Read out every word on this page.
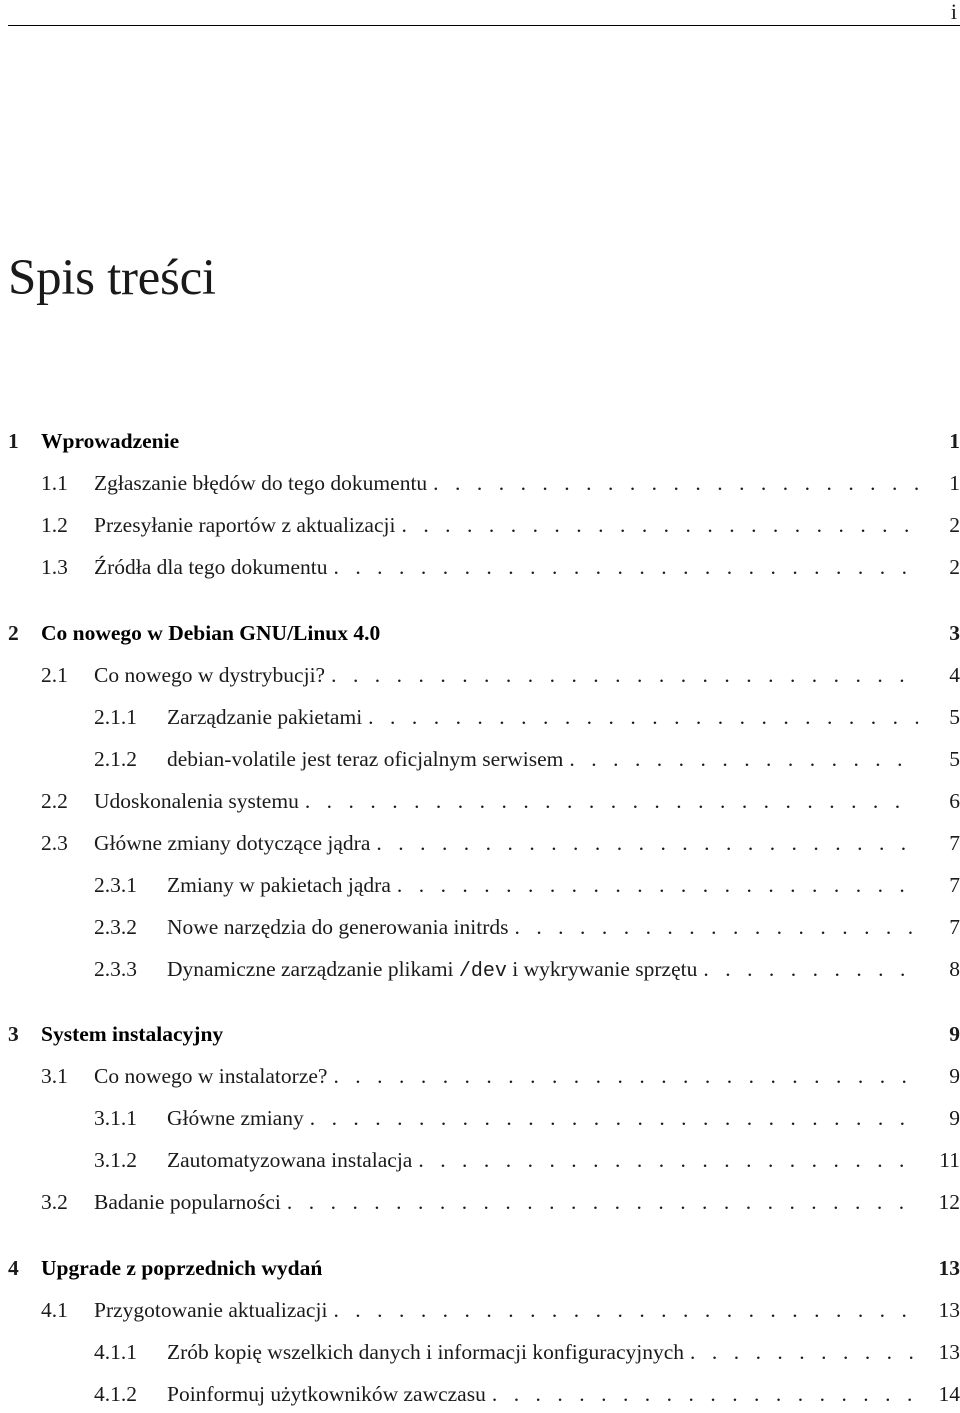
i
Spis treści
1 Wprowadzenie	1
1.1 Zgłaszanie błędów do tego dokumentu . . .	1
1.2 Przesyłanie raportów z aktualizacji . . .	2
1.3 Źródła dla tego dokumentu . . .	2
2 Co nowego w Debian GNU/Linux 4.0	3
2.1 Co nowego w dystrybucji? . . .	4
2.1.1 Zarządzanie pakietami . . .	5
2.1.2 debian-volatile jest teraz oficjalnym serwisem . . .	5
2.2 Udoskonalenia systemu . . .	6
2.3 Główne zmiany dotyczące jądra . . .	7
2.3.1 Zmiany w pakietach jądra . . .	7
2.3.2 Nowe narzędzia do generowania initrds . . .	7
2.3.3 Dynamiczne zarządzanie plikami /dev i wykrywanie sprzętu . . .	8
3 System instalacyjny	9
3.1 Co nowego w instalatorze? . . .	9
3.1.1 Główne zmiany . . .	9
3.1.2 Zautomatyzowana instalacja . . .	11
3.2 Badanie popularności . . .	12
4 Upgrade z poprzednich wydań	13
4.1 Przygotowanie aktualizacji . . .	13
4.1.1 Zrób kopię wszelkich danych i informacji konfiguracyjnych . . .	13
4.1.2 Poinformuj użytkowników zawczasu . . .	14
